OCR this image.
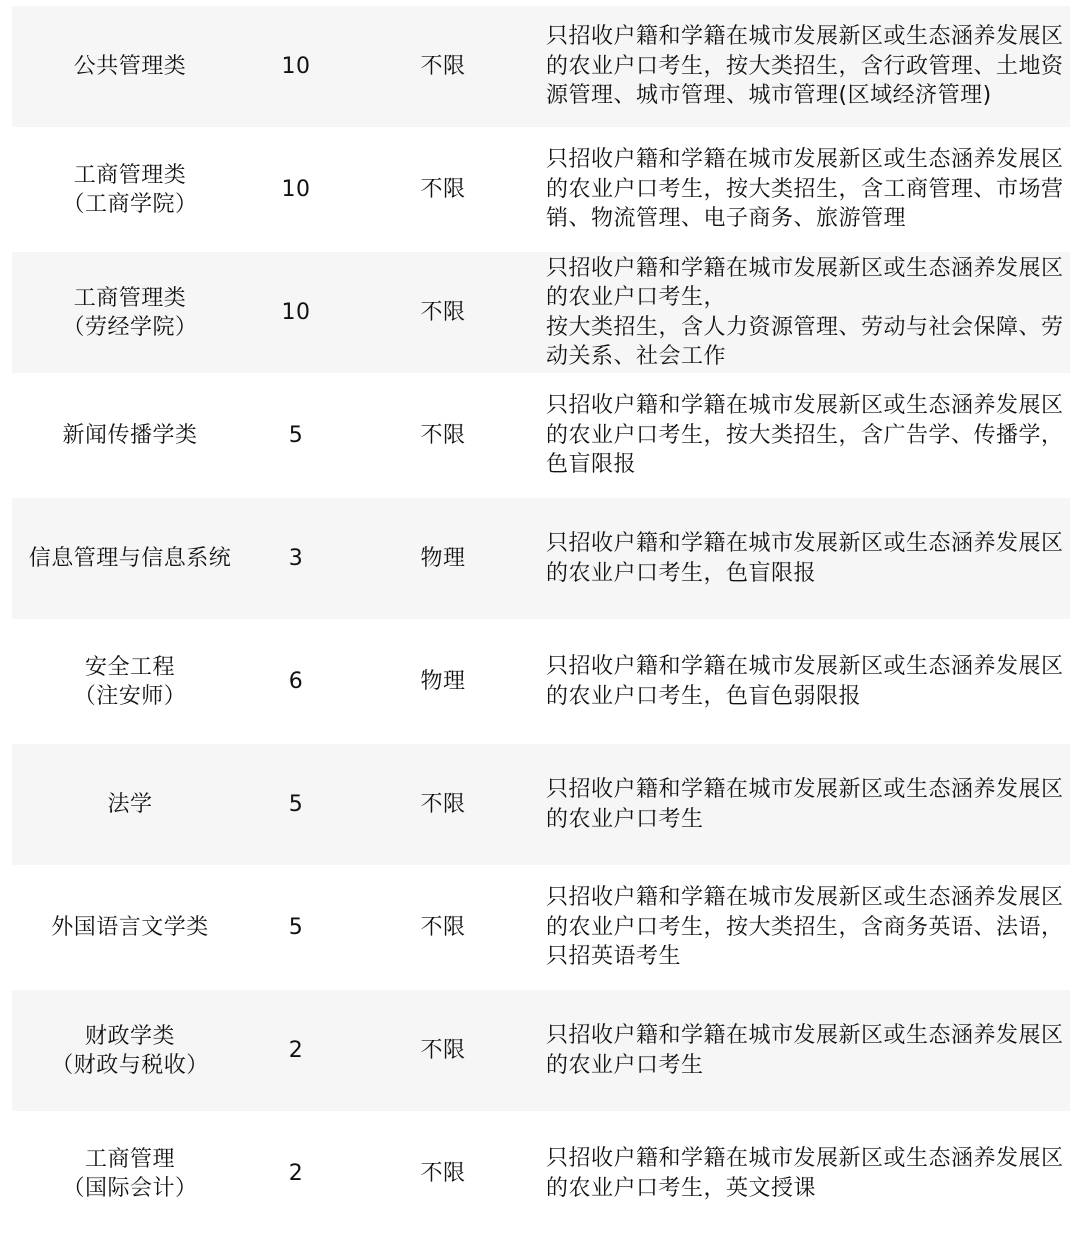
公共管理类	10	不限
只招收户籍和学籍在城市发展新区或生态涵养发展区的农业户口考生，按大类招生，含行政管理、土地资源管理、城市管理、城市管理(区域经济管理)
工商管理类
（工商学院）
10	不限
只招收户籍和学籍在城市发展新区或生态涵养发展区的农业户口考生，按大类招生，含工商管理、市场营销、物流管理、电子商务、旅游管理
工商管理类
（劳经学院）
10	不限
只招收户籍和学籍在城市发展新区或生态涵养发展区的农业户口考生，
按大类招生，含人力资源管理、劳动与社会保障、劳动关系、社会工作
新闻传播学类	5	不限
只招收户籍和学籍在城市发展新区或生态涵养发展区的农业户口考生，按大类招生，含广告学、传播学，色盲限报
信息管理与信息系统	3	物理
只招收户籍和学籍在城市发展新区或生态涵养发展区的农业户口考生，色盲限报
安全工程
（注安师）
6	物理
只招收户籍和学籍在城市发展新区或生态涵养发展区的农业户口考生，色盲色弱限报
法学	5	不限
只招收户籍和学籍在城市发展新区或生态涵养发展区的农业户口考生
外国语言文学类	5	不限
只招收户籍和学籍在城市发展新区或生态涵养发展区的农业户口考生，按大类招生，含商务英语、法语，只招英语考生
财政学类
（财政与税收）
2	不限
只招收户籍和学籍在城市发展新区或生态涵养发展区的农业户口考生
工商管理
（国际会计）
2	不限
只招收户籍和学籍在城市发展新区或生态涵养发展区的农业户口考生，英文授课
